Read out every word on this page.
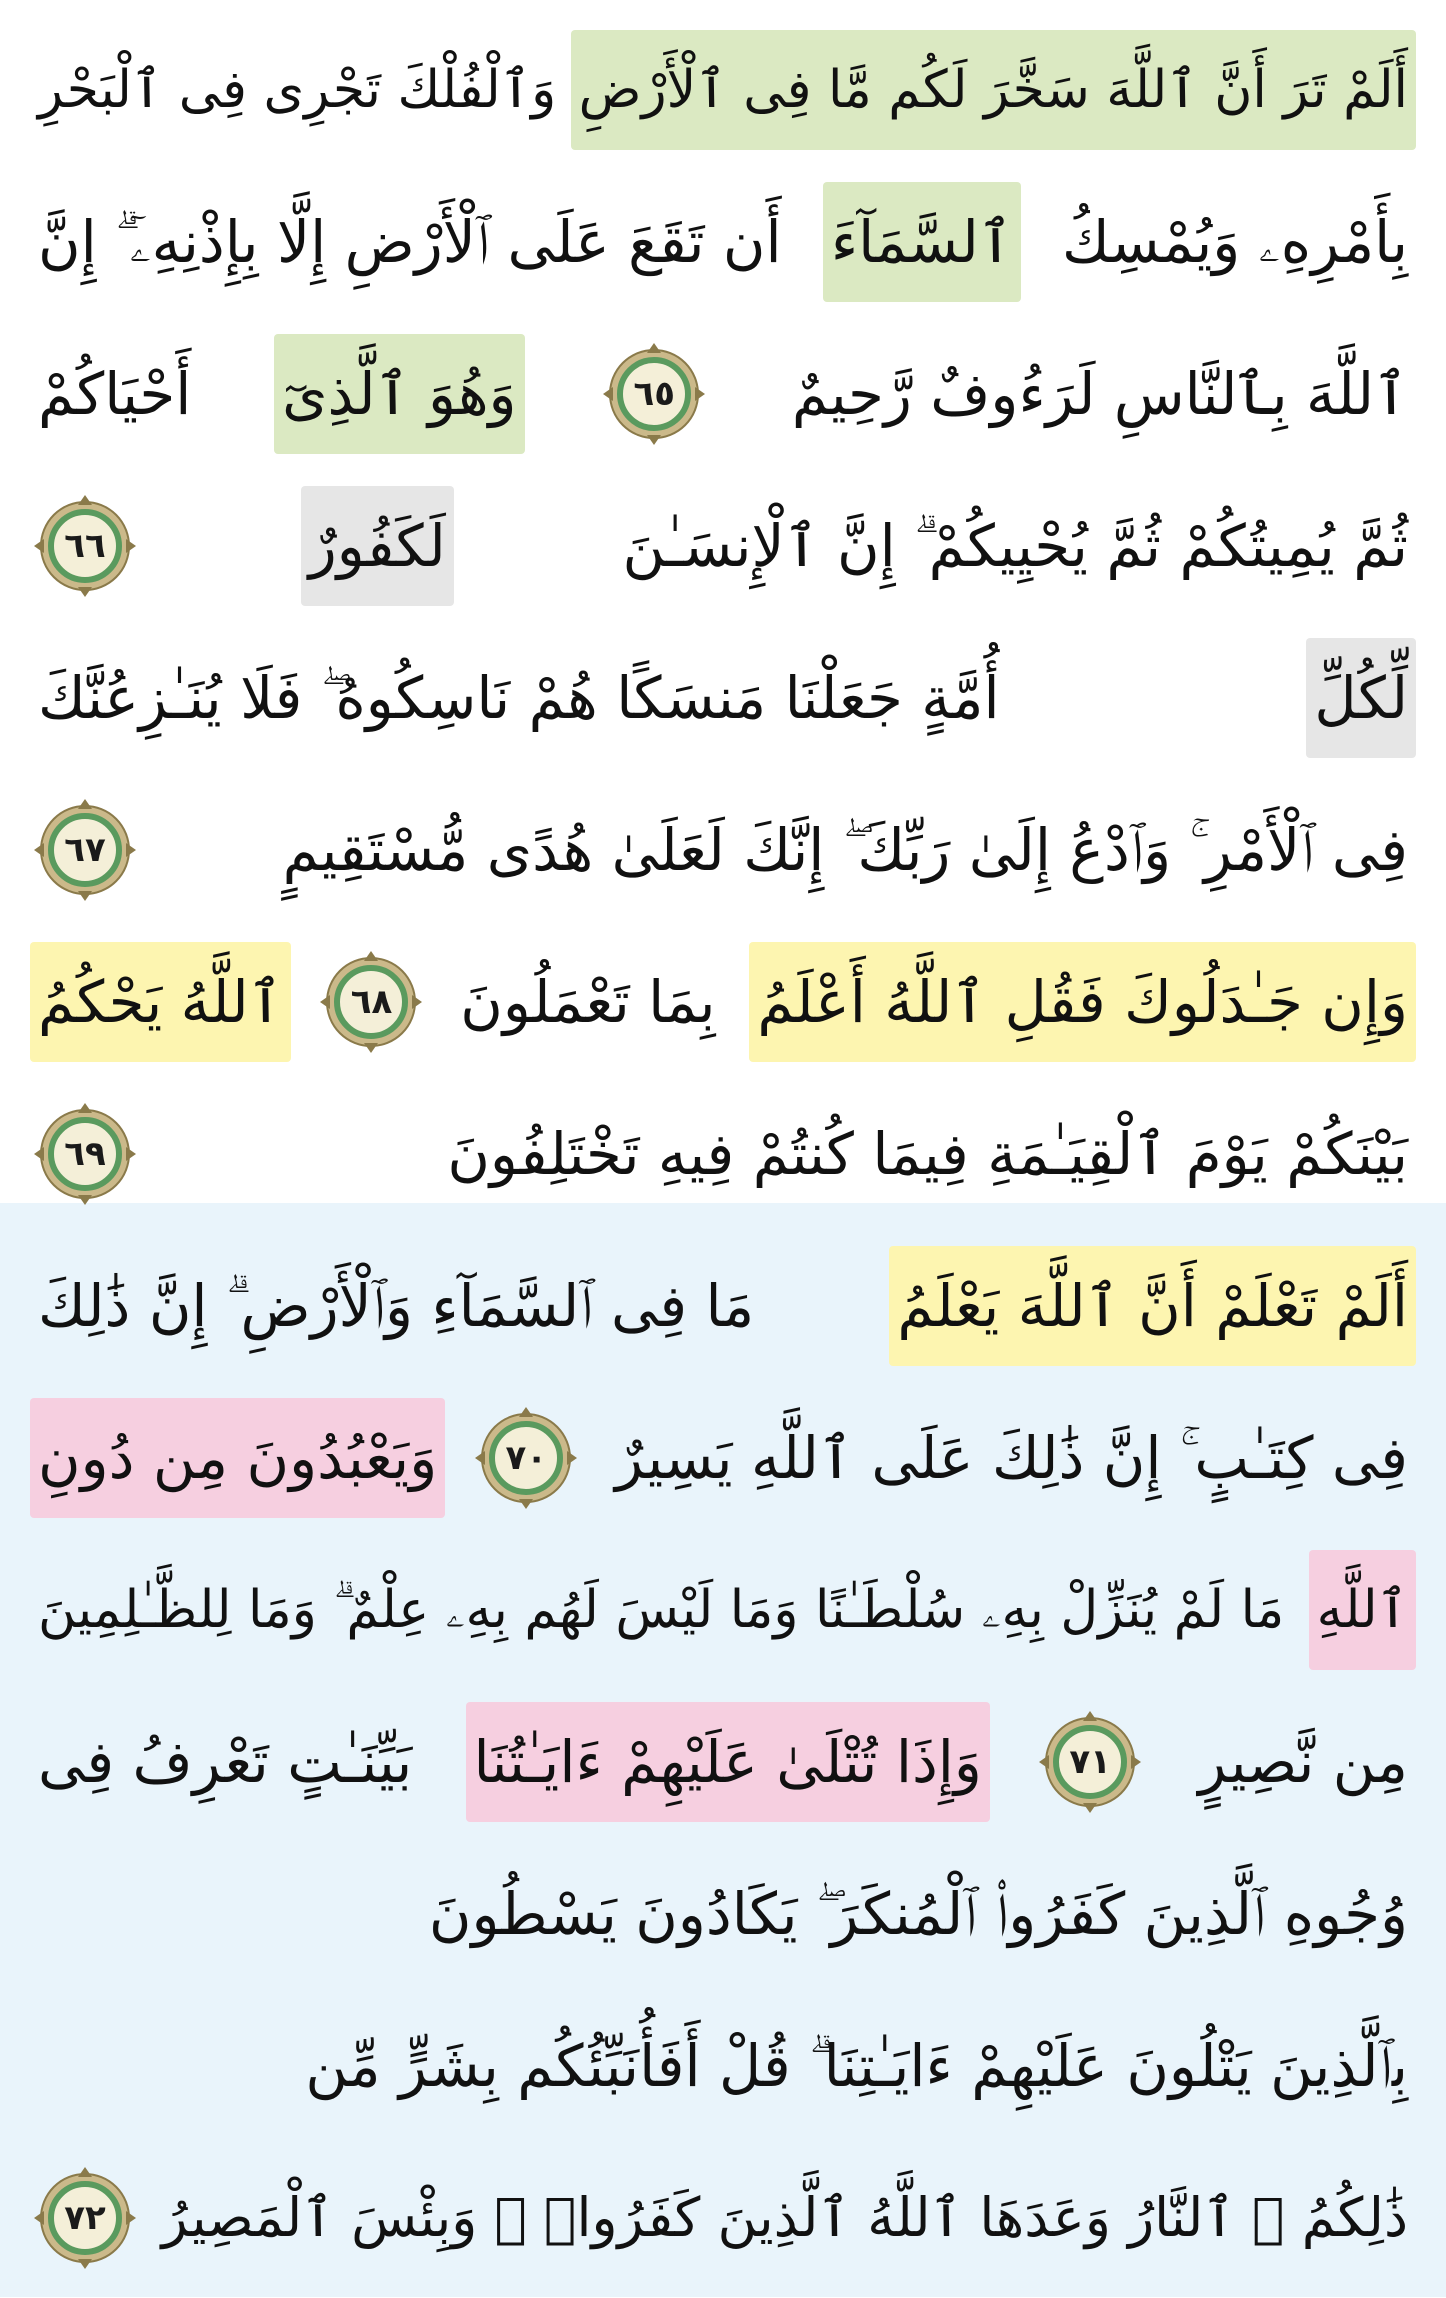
أَلَمْ تَرَ أَنَّ ٱللَّهَ سَخَّرَ لَكُم مَّا فِى ٱلْأَرْضِ
وَٱلْفُلْكَ تَجْرِى فِى ٱلْبَحْرِ
بِأَمْرِهِۦ وَيُمْسِكُ
ٱلسَّمَآءَ
أَن تَقَعَ عَلَى ٱلْأَرْضِ إِلَّا بِإِذْنِهِۦٓ ۗ إِنَّ
ٱللَّهَ بِٱلنَّاسِ لَرَءُوفٌ رَّحِيمٌ
٦٥
وَهُوَ ٱلَّذِىٓ
أَحْيَاكُمْ
ثُمَّ يُمِيتُكُمْ ثُمَّ يُحْيِيكُمْ ۗ إِنَّ ٱلْإِنسَـٰنَ
لَكَفُورٌ
٦٦
لِّكُلِّ
أُمَّةٍ جَعَلْنَا مَنسَكًا هُمْ نَاسِكُوهُ ۖ فَلَا يُنَـٰزِعُنَّكَ
فِى ٱلْأَمْرِ ۚ وَٱدْعُ إِلَىٰ رَبِّكَ ۖ إِنَّكَ لَعَلَىٰ هُدًى مُّسْتَقِيمٍ
٦٧
وَإِن جَـٰدَلُوكَ فَقُلِ ٱللَّهُ أَعْلَمُ
بِمَا تَعْمَلُونَ
٦٨
ٱللَّهُ يَحْكُمُ
بَيْنَكُمْ يَوْمَ ٱلْقِيَـٰمَةِ فِيمَا كُنتُمْ فِيهِ تَخْتَلِفُونَ
٦٩
أَلَمْ تَعْلَمْ أَنَّ ٱللَّهَ يَعْلَمُ
مَا فِى ٱلسَّمَآءِ وَٱلْأَرْضِ ۗ إِنَّ ذَٰلِكَ
فِى كِتَـٰبٍ ۚ إِنَّ ذَٰلِكَ عَلَى ٱللَّهِ يَسِيرٌ
٧٠
وَيَعْبُدُونَ مِن دُونِ
ٱللَّهِ
مَا لَمْ يُنَزِّلْ بِهِۦ سُلْطَـٰنًا وَمَا لَيْسَ لَهُم بِهِۦ عِلْمٌ ۗ وَمَا لِلظَّـٰلِمِينَ
مِن نَّصِيرٍ
٧١
وَإِذَا تُتْلَىٰ عَلَيْهِمْ ءَايَـٰتُنَا
بَيِّنَـٰتٍ تَعْرِفُ فِى
وُجُوهِ ٱلَّذِينَ كَفَرُوا۟ ٱلْمُنكَرَ ۖ يَكَادُونَ يَسْطُونَ
بِٱلَّذِينَ يَتْلُونَ عَلَيْهِمْ ءَايَـٰتِنَا ۗ قُلْ أَفَأُنَبِّئُكُم بِشَرٍّ مِّن
ذَٰلِكُمُ ۗ ٱلنَّارُ وَعَدَهَا ٱللَّهُ ٱلَّذِينَ كَفَرُوا۟ ۖ وَبِئْسَ ٱلْمَصِيرُ
٧٢
